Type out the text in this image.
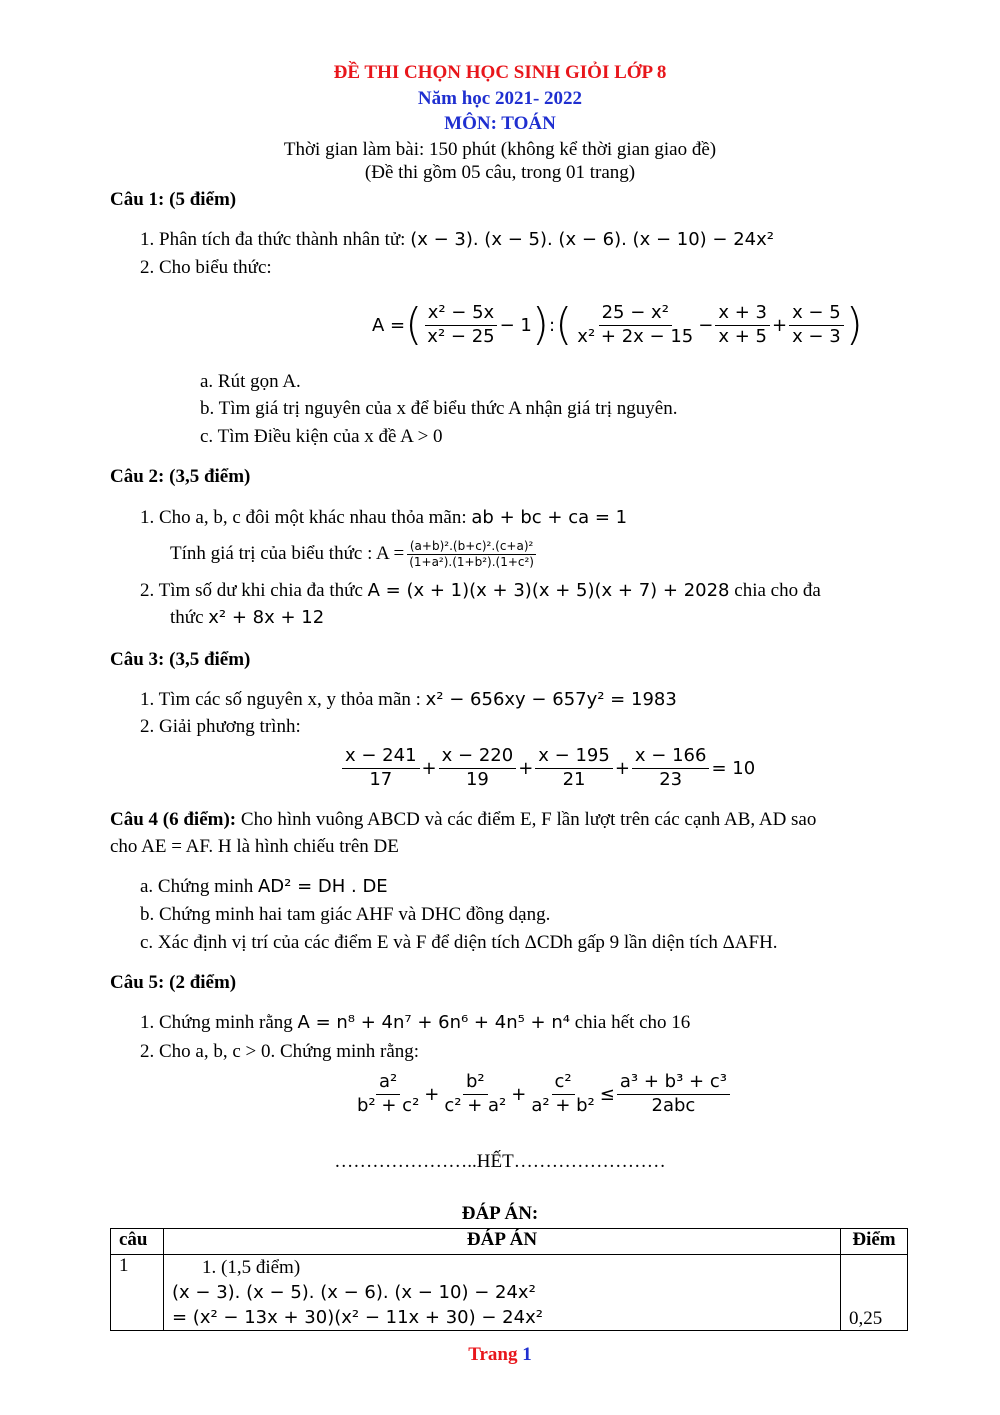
ĐỀ THI CHỌN HỌC SINH GIỎI LỚP 8
Năm học 2021- 2022
MÔN: TOÁN
Thời gian làm bài: 150 phút (không kể thời gian giao đề)
(Đề thi gồm 05 câu, trong 01 trang)
Câu 1: (5 điểm)
1. Phân tích đa thức thành nhân tử: (x − 3). (x − 5). (x − 6). (x − 10) − 24x²
2. Cho biểu thức:
A = ( $\frac{\text{x² − 5x}}{\text{x² − 25}} - 1$ ) : ( $\frac{\text{25 − x²}}{\text{x² + 2x − 15}} - \frac{x + 3}{x + 5} + \frac{x - 5}{x - 3}$ )
a. Rút gọn A.
b. Tìm giá trị nguyên của x để biểu thức A nhận giá trị nguyên.
c. Tìm Điều kiện của x đề A > 0
Câu 2: (3,5 điểm)
1. Cho a, b, c đôi một khác nhau thỏa mãn: ab + bc + ca = 1
Tính giá trị của biểu thức : $A = \frac{\text{(a+b)².(b+c)².(c+a)²}}{\text{(1+a²).(1+b²).(1+c²)}}$
2. Tìm số dư khi chia đa thức A = (x + 1)(x + 3)(x + 5)(x + 7) + 2028 chia cho đa
thức x² + 8x + 12
Câu 3: (3,5 điểm)
1. Tìm các số nguyên x, y thỏa mãn : x² − 656xy − 657y² = 1983
2. Giải phương trình:
$\frac{x - 241}{17} + \frac{x - 220}{19} + \frac{x - 195}{21} + \frac{x - 166}{23} = 10$
Câu 4 (6 điểm): Cho hình vuông ABCD và các điểm E, F lần lượt trên các cạnh AB, AD sao
cho AE = AF. H là hình chiếu trên DE
a. Chứng minh AD² = DH . DE
b. Chứng minh hai tam giác AHF và DHC đồng dạng.
c. Xác định vị trí của các điểm E và F để diện tích ΔCDh gấp 9 lần diện tích ΔAFH.
Câu 5: (2 điểm)
1. Chứng minh rằng A = n⁸ + 4n⁷ + 6n⁶ + 4n⁵ + n⁴ chia hết cho 16
2. Cho a, b, c > 0. Chứng minh rằng:
$\frac{\text{a²}}{\text{b² + c²}} + \frac{\text{b²}}{\text{c² + a²}} + \frac{\text{c²}}{\text{a² + b²}} \le \frac{\text{a³ + b³ + c³}}{\text{2abc}}$
…………………..HẾT……………………
ĐÁP ÁN:
câu	ĐÁP ÁN	Điểm
1	1. (1,5 điểm)
(x − 3). (x − 5). (x − 6). (x − 10) − 24x²
= (x² − 13x + 30)(x² − 11x + 30) − 24x²	0,25
Trang 1
